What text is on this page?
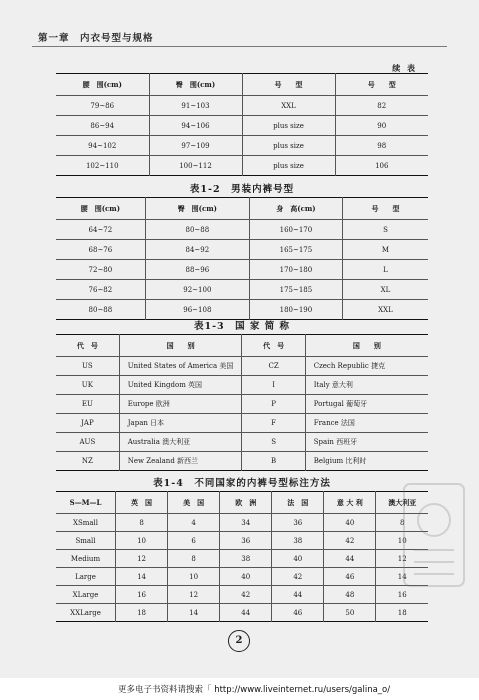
第一章　内衣号型与规格
续 表
腰　围(cm)	臀　围(cm)	号　　型	号　　型
79~86	91~103	XXL	82
86~94	94~106	plus size	90
94~102	97~109	plus size	98
102~110	100~112	plus size	106
表1-2　男装内裤号型
腰　围(cm)	臀　围(cm)	身　高(cm)	号　　型
64~72	80~88	160~170	S
68~76	84~92	165~175	M
72~80	88~96	170~180	L
76~82	92~100	175~185	XL
80~88	96~108	180~190	XXL
表1-3　国 家 简 称
代　号	国　　别	代　号	国　　别
US	United States of America 美国	CZ	Czech Republic 捷克
UK	United Kingdom 英国	I	Italy 意大利
EU	Europe 欧洲	P	Portugal 葡萄牙
JAP	Japan 日本	F	France 法国
AUS	Australia 澳大利亚	S	Spain 西班牙
NZ	New Zealand 新西兰	B	Belgium 比利时
表1-4　不同国家的内裤号型标注方法
S—M—L	英　国	美　国	欧　洲	法　国	意 大 利	澳大利亚
XSmall	8	4	34	36	40	8
Small	10	6	36	38	42	10
Medium	12	8	38	40	44	12
Large	14	10	40	42	46	14
XLarge	16	12	42	44	48	16
XXLarge	18	14	44	46	50	18
2
更多电子书资料请搜索「 http://www.liveinternet.ru/users/galina_o/
